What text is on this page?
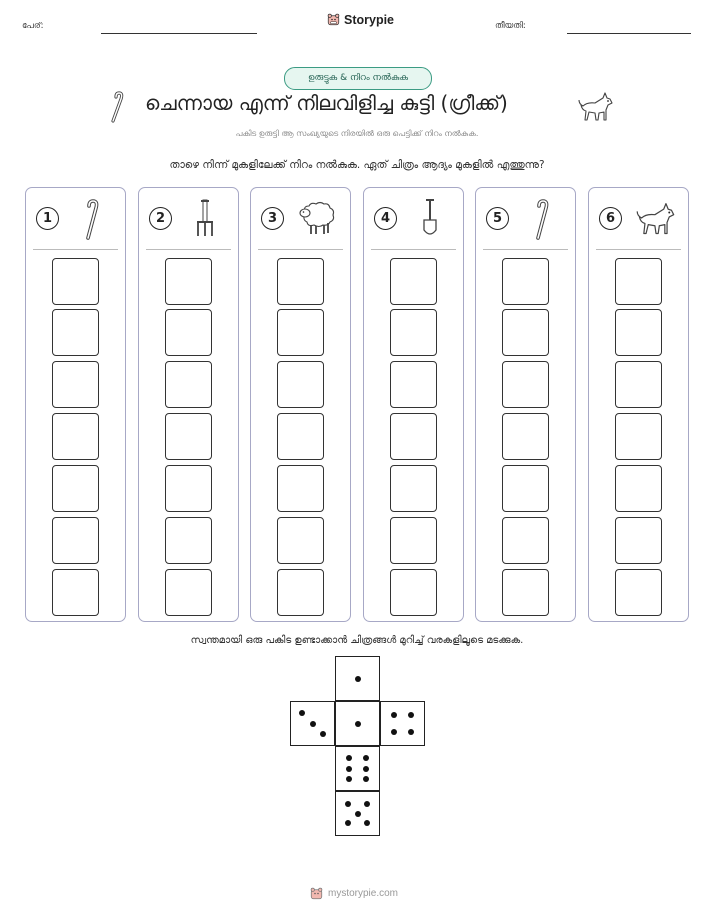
പേര്:	Storypie	തീയതി:
ഉരുട്ടുക & നിറം നൽകുക
ചെന്നായ എന്ന് നിലവിളിച്ച കുട്ടി (ഗ്രീക്ക്)
പകിട ഉരുട്ടി ആ സംഖ്യയുടെ നിരയിൽ ഒരു പെട്ടിക്ക് നിറം നൽകുക.
താഴെ നിന്ന് മുകളിലേക്ക് നിറം നൽകുക. ഏത് ചിത്രം ആദ്യം മുകളിൽ എത്തുന്നു?
1	2	3	4	5	6
സ്വന്തമായി ഒരു പകിട ഉണ്ടാക്കാൻ ചിത്രങ്ങൾ മുറിച്ച് വരകളിലൂടെ മടക്കുക.
mystorypie.com
